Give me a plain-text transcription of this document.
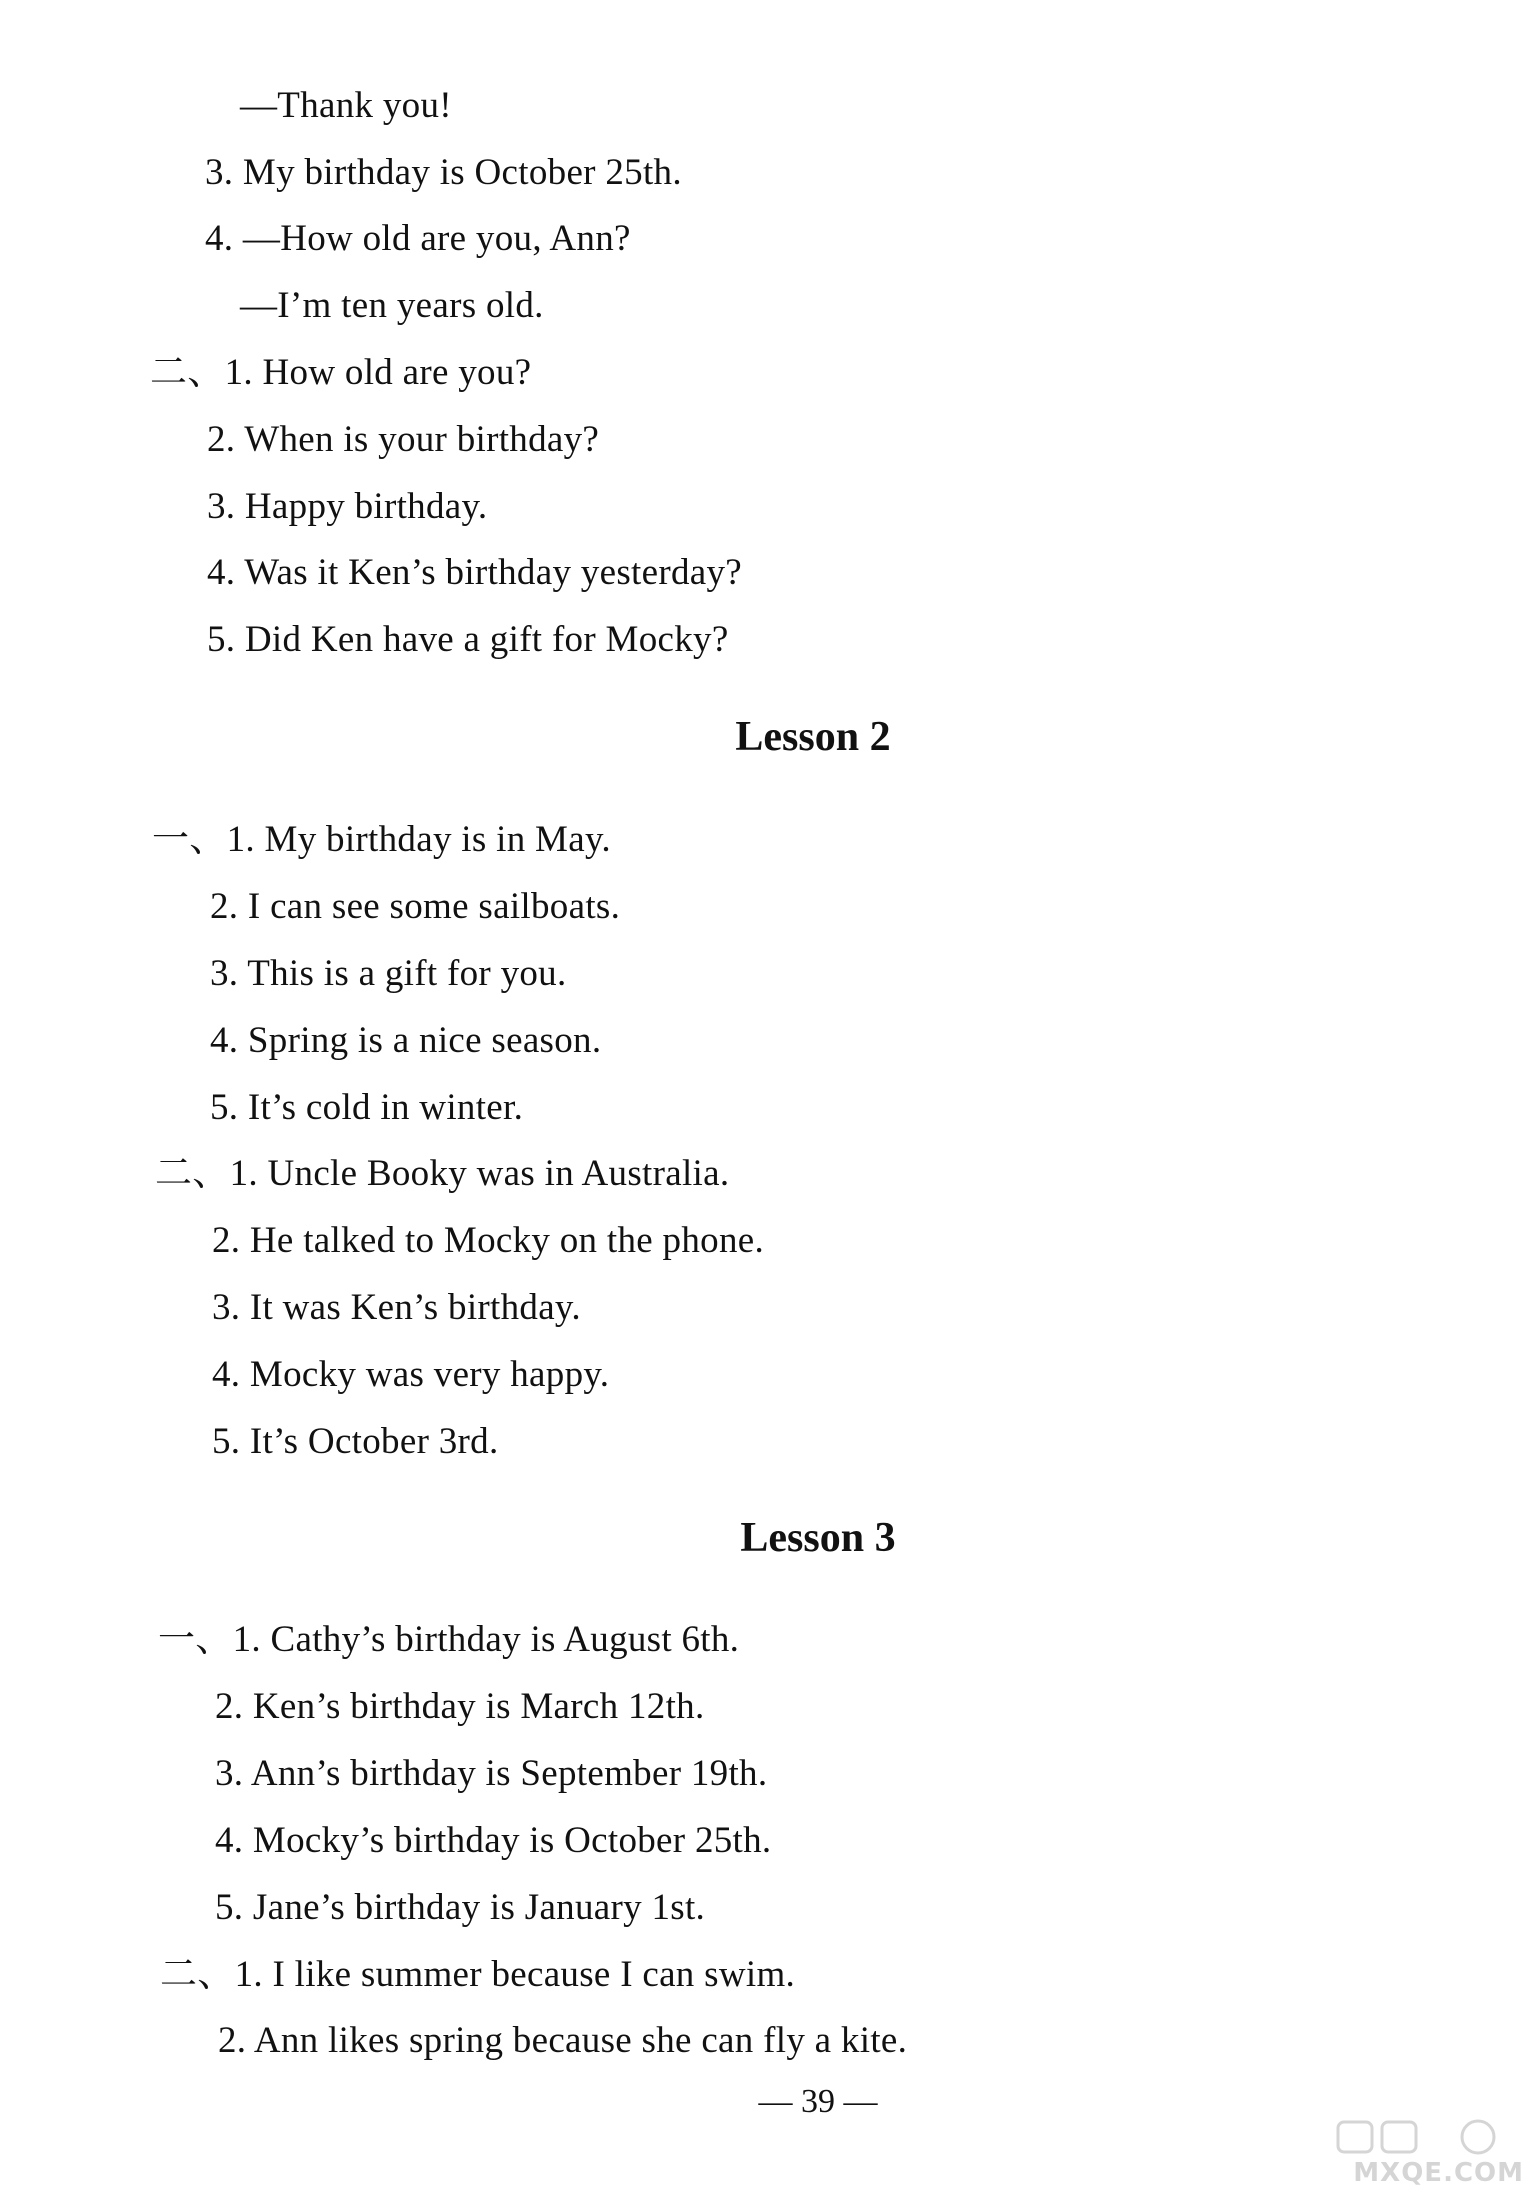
—Thank you!
3. My birthday is October 25th.
4. —How old are you, Ann?
—I’m ten years old.
二、1. How old are you?
2. When is your birthday?
3. Happy birthday.
4. Was it Ken’s birthday yesterday?
5. Did Ken have a gift for Mocky?
Lesson 2
一、1. My birthday is in May.
2. I can see some sailboats.
3. This is a gift for you.
4. Spring is a nice season.
5. It’s cold in winter.
二、1. Uncle Booky was in Australia.
2. He talked to Mocky on the phone.
3. It was Ken’s birthday.
4. Mocky was very happy.
5. It’s October 3rd.
Lesson 3
一、1. Cathy’s birthday is August 6th.
2. Ken’s birthday is March 12th.
3. Ann’s birthday is September 19th.
4. Mocky’s birthday is October 25th.
5. Jane’s birthday is January 1st.
二、1. I like summer because I can swim.
2. Ann likes spring because she can fly a kite.
— 39 —
MXQE.COM
